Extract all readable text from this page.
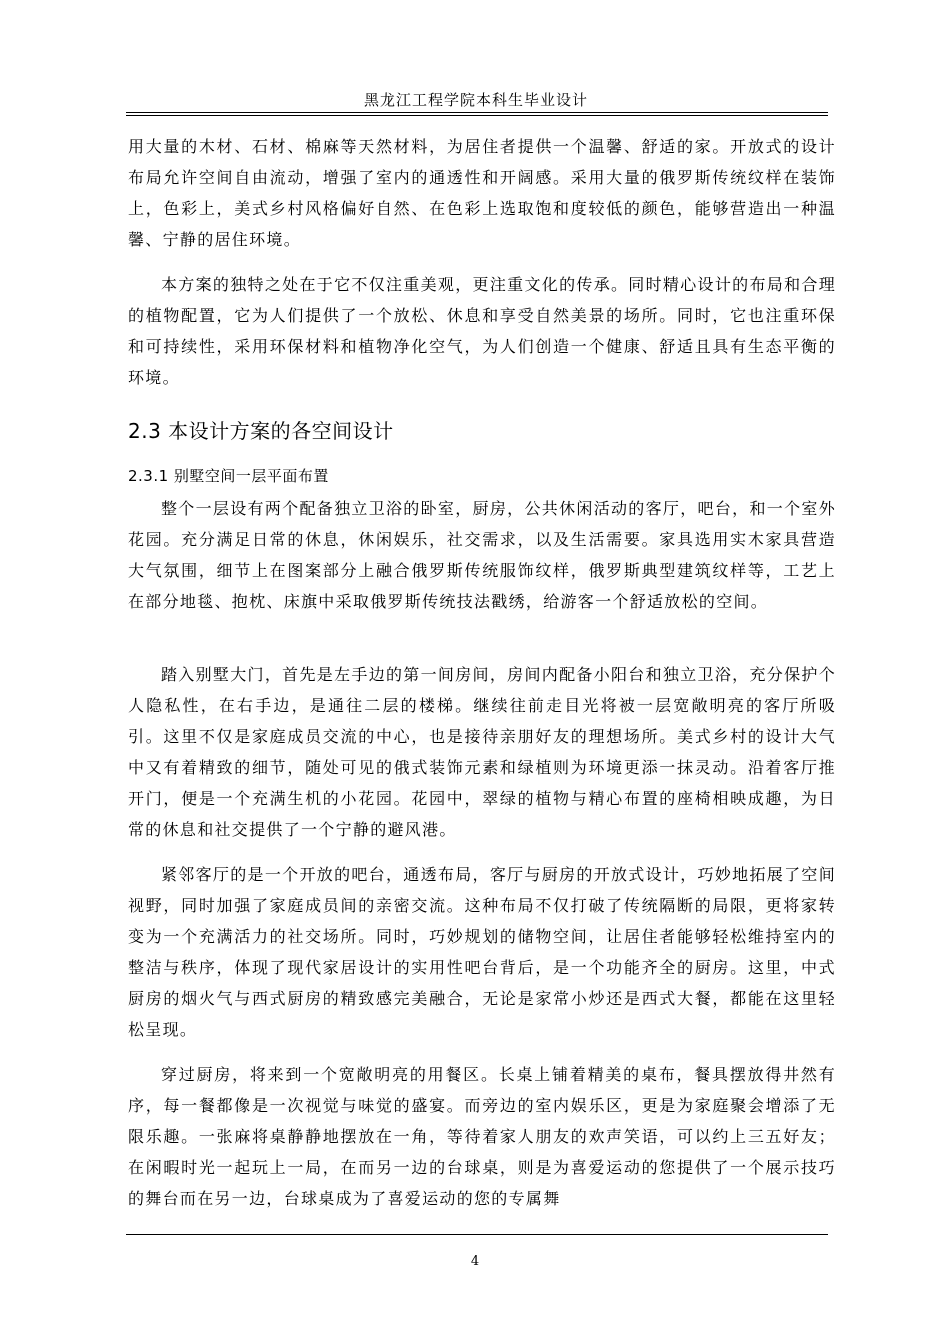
黑龙江工程学院本科生毕业设计

用大量的木材、石材、棉麻等天然材料，为居住者提供一个温馨、舒适的家。开放式的设计布局允许空间自由流动，增强了室内的通透性和开阔感。采用大量的俄罗斯传统纹样在装饰上，色彩上，美式乡村风格偏好自然、在色彩上选取饱和度较低的颜色，能够营造出一种温馨、宁静的居住环境。

本方案的独特之处在于它不仅注重美观，更注重文化的传承。同时精心设计的布局和合理的植物配置，它为人们提供了一个放松、休息和享受自然美景的场所。同时，它也注重环保和可持续性，采用环保材料和植物净化空气，为人们创造一个健康、舒适且具有生态平衡的环境。

2.3 本设计方案的各空间设计
2.3.1 别墅空间一层平面布置

整个一层设有两个配备独立卫浴的卧室，厨房，公共休闲活动的客厅，吧台，和一个室外花园。充分满足日常的休息，休闲娱乐，社交需求，以及生活需要。家具选用实木家具营造大气氛围，细节上在图案部分上融合俄罗斯传统服饰纹样，俄罗斯典型建筑纹样等，工艺上在部分地毯、抱枕、床旗中采取俄罗斯传统技法戳绣，给游客一个舒适放松的空间。

踏入别墅大门，首先是左手边的第一间房间，房间内配备小阳台和独立卫浴，充分保护个人隐私性，在右手边，是通往二层的楼梯。继续往前走目光将被一层宽敞明亮的客厅所吸引。这里不仅是家庭成员交流的中心，也是接待亲朋好友的理想场所。美式乡村的设计大气中又有着精致的细节，随处可见的俄式装饰元素和绿植则为环境更添一抹灵动。沿着客厅推开门，便是一个充满生机的小花园。花园中，翠绿的植物与精心布置的座椅相映成趣，为日常的休息和社交提供了一个宁静的避风港。

紧邻客厅的是一个开放的吧台，通透布局，客厅与厨房的开放式设计，巧妙地拓展了空间视野，同时加强了家庭成员间的亲密交流。这种布局不仅打破了传统隔断的局限，更将家转变为一个充满活力的社交场所。同时，巧妙规划的储物空间，让居住者能够轻松维持室内的整洁与秩序，体现了现代家居设计的实用性吧台背后，是一个功能齐全的厨房。这里，中式厨房的烟火气与西式厨房的精致感完美融合，无论是家常小炒还是西式大餐，都能在这里轻松呈现。

穿过厨房，将来到一个宽敞明亮的用餐区。长桌上铺着精美的桌布，餐具摆放得井然有序，每一餐都像是一次视觉与味觉的盛宴。而旁边的室内娱乐区，更是为家庭聚会增添了无限乐趣。一张麻将桌静静地摆放在一角，等待着家人朋友的欢声笑语，可以约上三五好友；在闲暇时光一起玩上一局，在而另一边的台球桌，则是为喜爱运动的您提供了一个展示技巧的舞台而在另一边，台球桌成为了喜爱运动的您的专属舞

4
